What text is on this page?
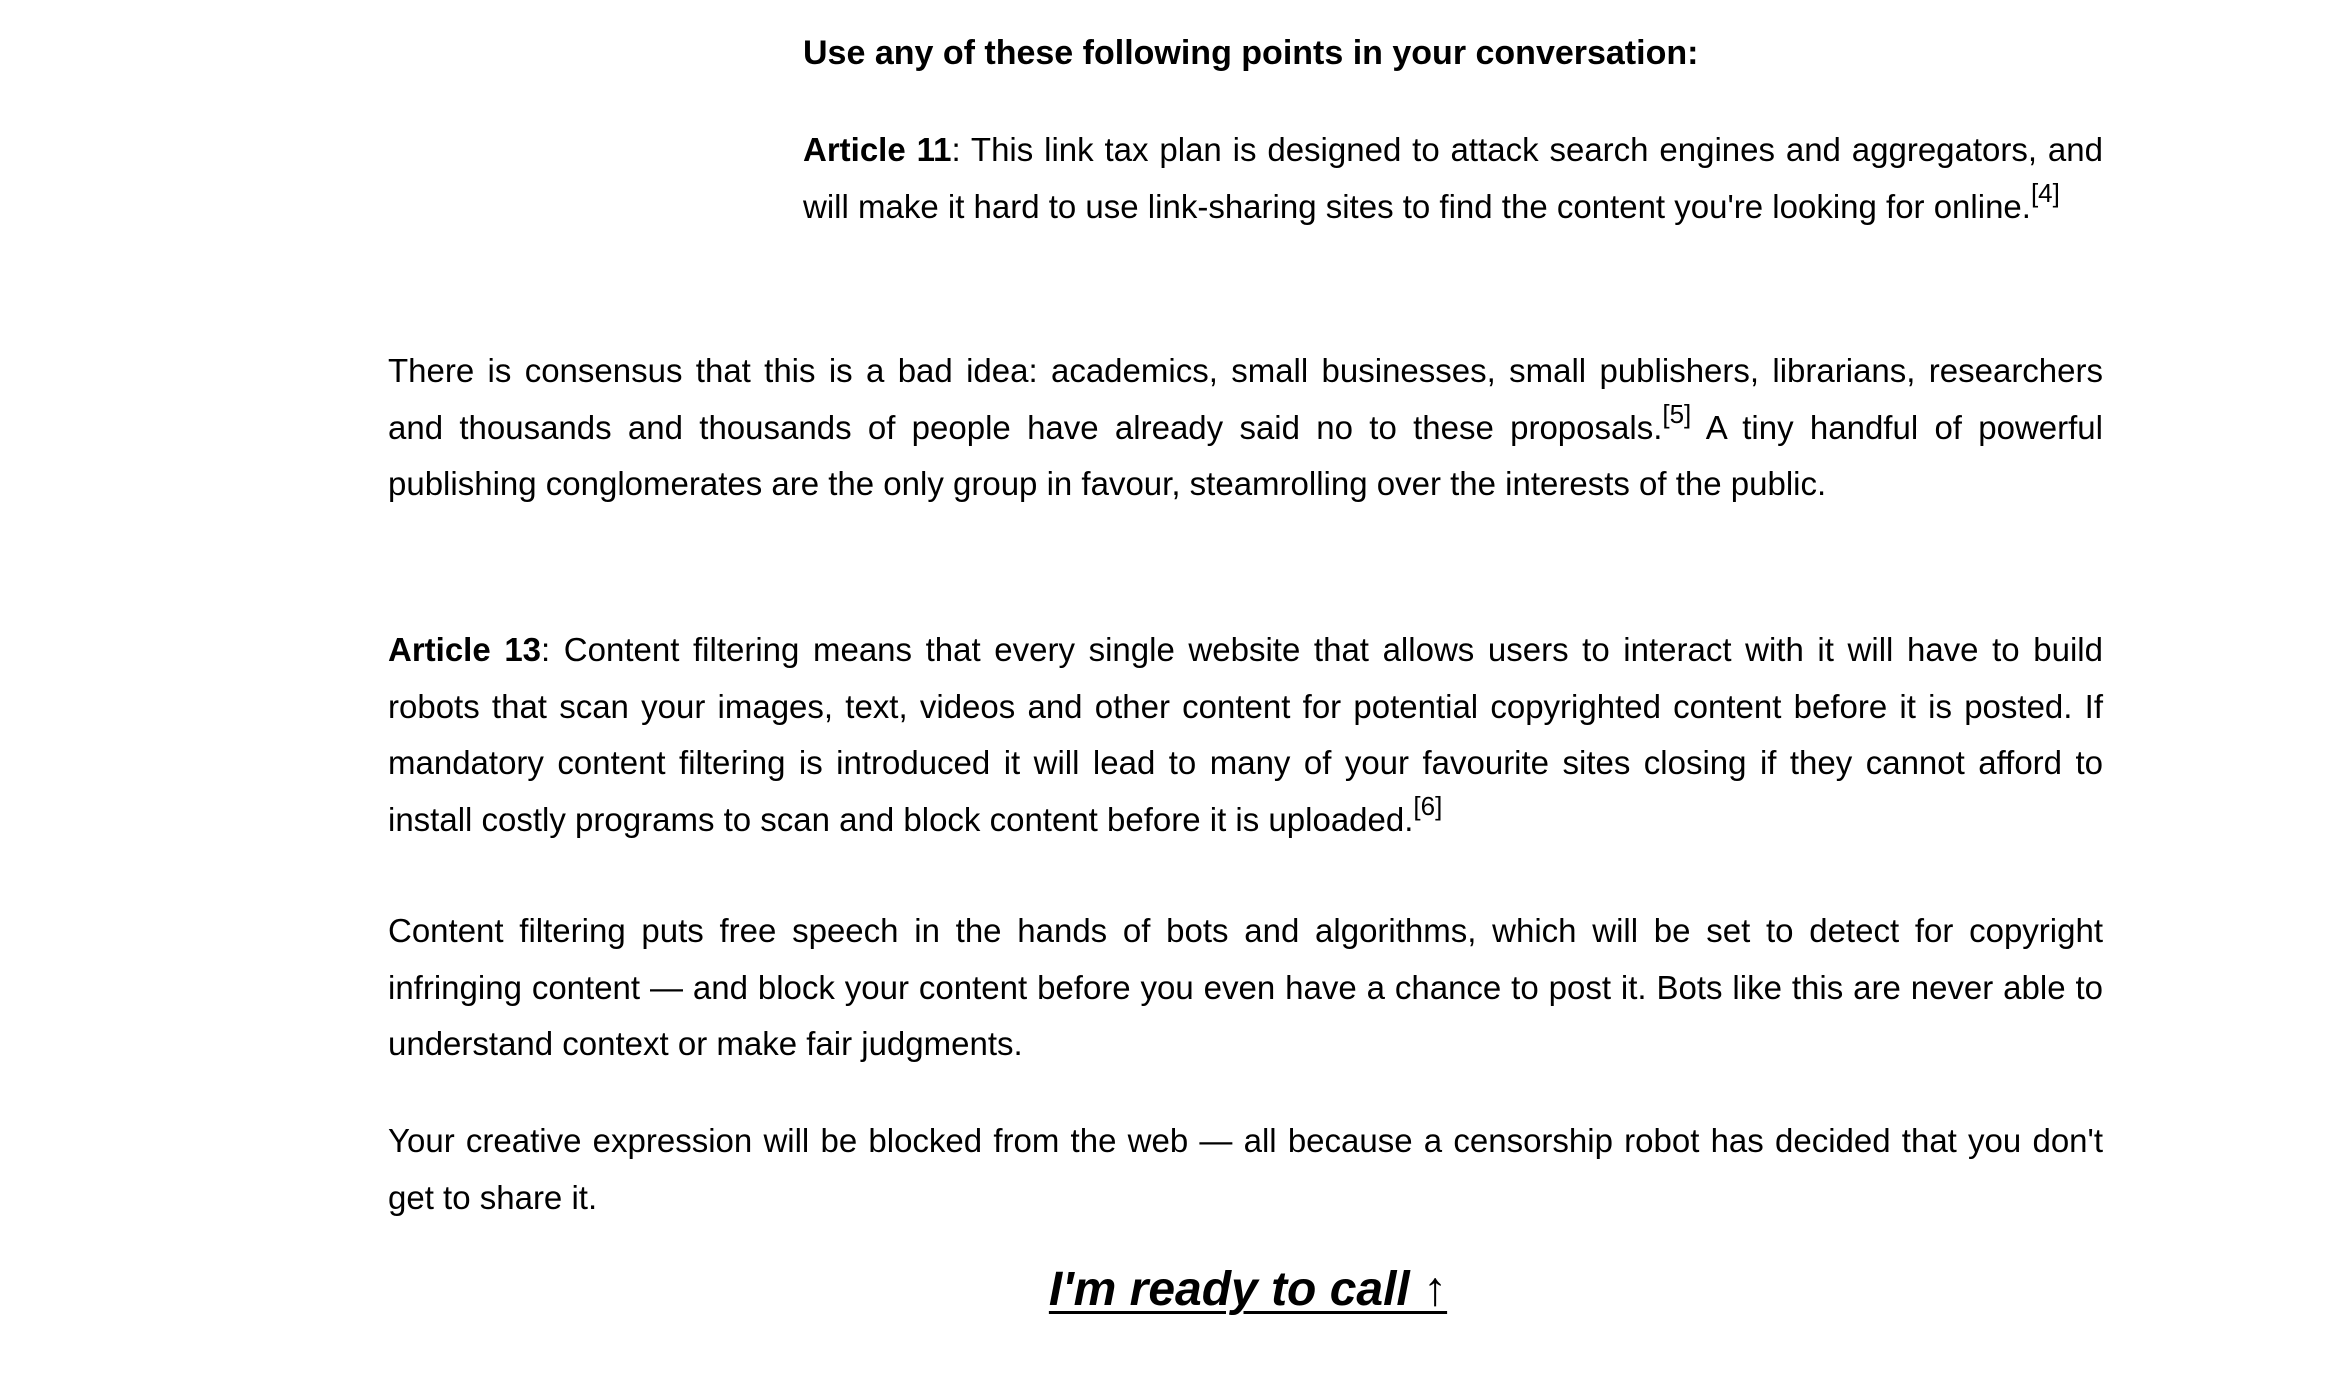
Use any of these following points in your conversation:

Article 11: This link tax plan is designed to attack search engines and aggregators, and will make it hard to use link-sharing sites to find the content you're looking for online.[4]

There is consensus that this is a bad idea: academics, small businesses, small publishers, librarians, researchers and thousands and thousands of people have already said no to these proposals.[5] A tiny handful of powerful publishing conglomerates are the only group in favour, steamrolling over the interests of the public.

Article 13: Content filtering means that every single website that allows users to interact with it will have to build robots that scan your images, text, videos and other content for potential copyrighted content before it is posted. If mandatory content filtering is introduced it will lead to many of your favourite sites closing if they cannot afford to install costly programs to scan and block content before it is uploaded.[6]

Content filtering puts free speech in the hands of bots and algorithms, which will be set to detect for copyright infringing content — and block your content before you even have a chance to post it. Bots like this are never able to understand context or make fair judgments.

Your creative expression will be blocked from the web — all because a censorship robot has decided that you don't get to share it.

I'm ready to call ↑
